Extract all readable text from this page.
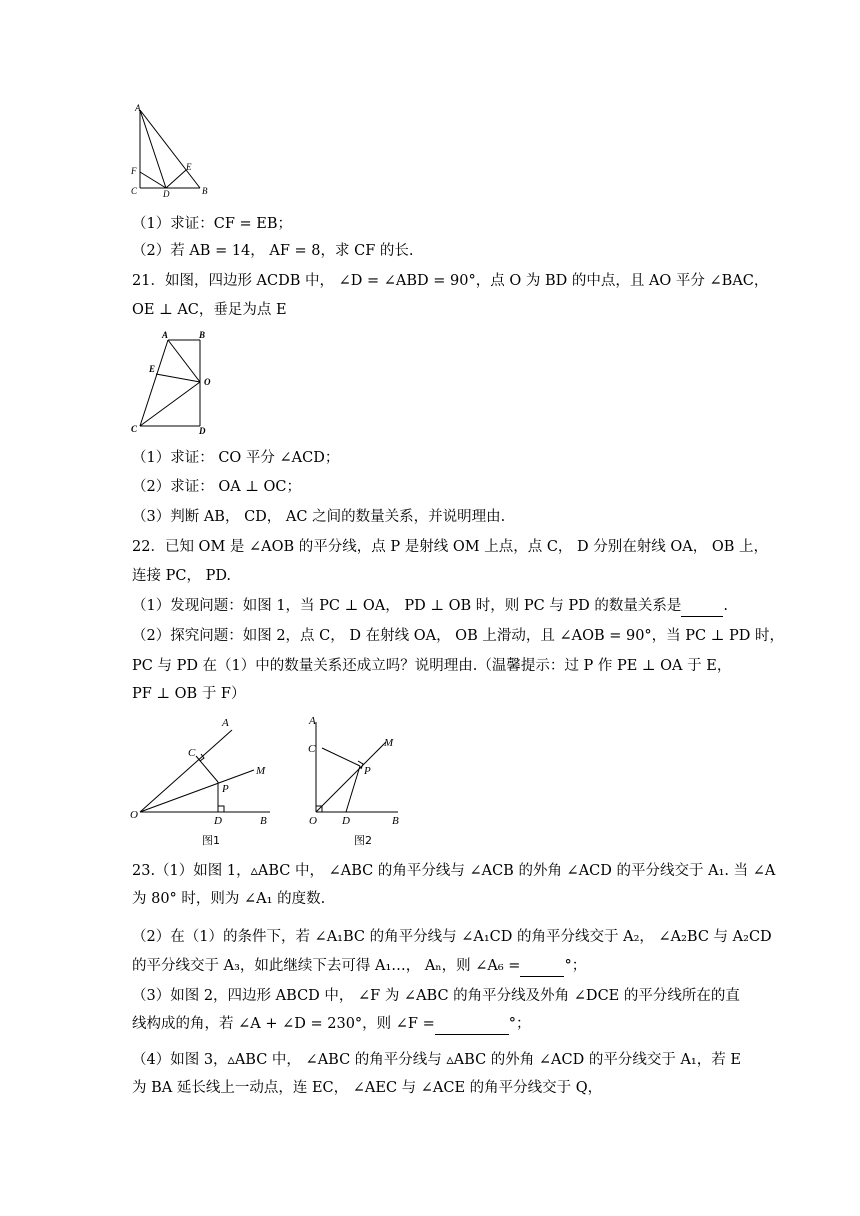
A
F
C	D
E
B
（1）求证：CF = EB；
（2）若 AB = 14， AF = 8，求 CF 的长.
21．如图，四边形 ACDB 中， ∠D = ∠ABD = 90°，点 O 为 BD 的中点，且 AO 平分 ∠BAC，
OE ⊥ AC，垂足为点 E
A	B
E
O
C	D
（1）求证： CO 平分 ∠ACD；
（2）求证： OA ⊥ OC；
（3）判断 AB， CD， AC 之间的数量关系，并说明理由.
22．已知 OM 是 ∠AOB 的平分线，点 P 是射线 OM 上点，点 C， D 分别在射线 OA， OB 上，
连接 PC， PD.
（1）发现问题：如图 1，当 PC ⊥ OA， PD ⊥ OB 时，则 PC 与 PD 的数量关系是	.
（2）探究问题：如图 2，点 C， D 在射线 OA， OB 上滑动，且 ∠AOB = 90°，当 PC ⊥ PD 时，
PC 与 PD 在（1）中的数量关系还成立吗？说明理由.（温馨提示：过 P 作 PE ⊥ OA 于 E，
PF ⊥ OB 于 F）
A
C
M
P
O	D	B
图1
A
C	M
P
O D	B
图2
23.（1）如图 1，▵ABC 中， ∠ABC 的角平分线与 ∠ACB 的外角 ∠ACD 的平分线交于 A₁. 当 ∠A
为 80° 时，则为 ∠A₁ 的度数.
（2）在（1）的条件下，若 ∠A₁BC 的角平分线与 ∠A₁CD 的角平分线交于 A₂， ∠A₂BC 与 A₂CD
的平分线交于 A₃，如此继续下去可得 A₁…， Aₙ，则 ∠A₆ =	°；
（3）如图 2，四边形 ABCD 中， ∠F 为 ∠ABC 的角平分线及外角 ∠DCE 的平分线所在的直
线构成的角，若 ∠A + ∠D = 230°，则 ∠F =	°；
（4）如图 3，▵ABC 中， ∠ABC 的角平分线与 ▵ABC 的外角 ∠ACD 的平分线交于 A₁，若 E
为 BA 延长线上一动点，连 EC， ∠AEC 与 ∠ACE 的角平分线交于 Q，
